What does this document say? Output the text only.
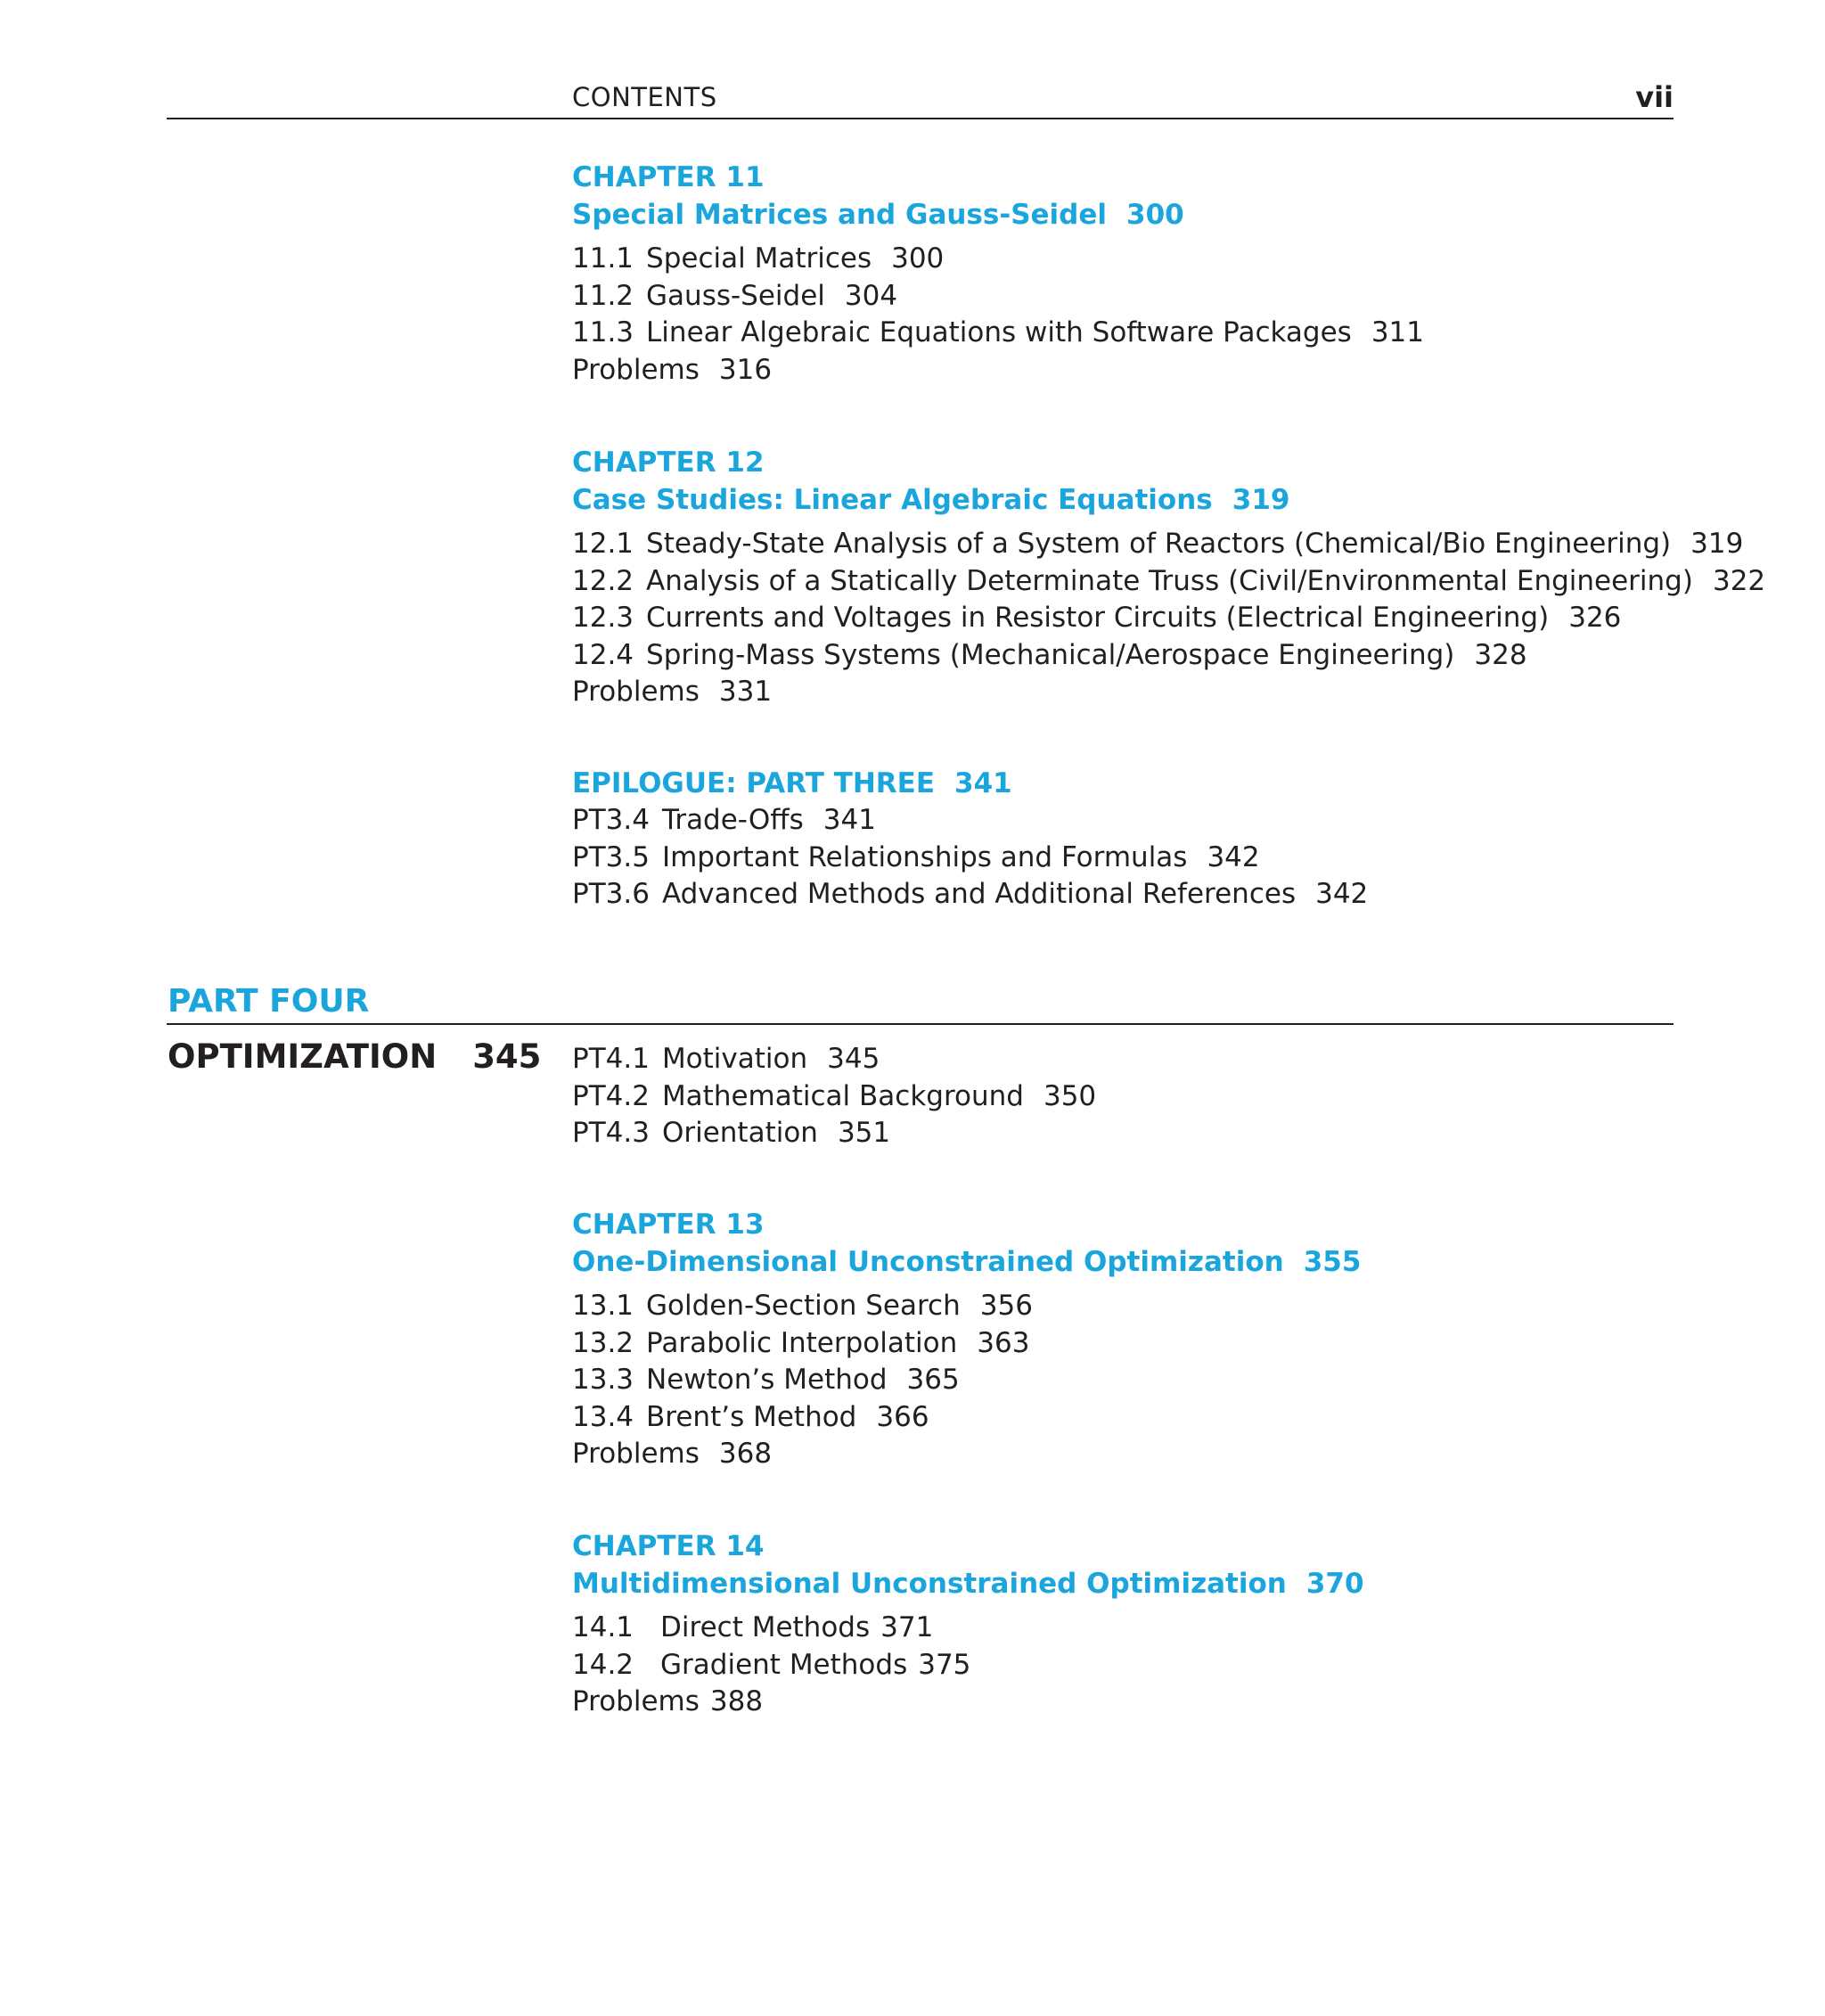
CONTENTS	vii
CHAPTER 11
Special Matrices and Gauss-Seidel 300
11.1 Special Matrices 300
11.2 Gauss-Seidel 304
11.3 Linear Algebraic Equations with Software Packages 311
Problems 316
CHAPTER 12
Case Studies: Linear Algebraic Equations 319
12.1 Steady-State Analysis of a System of Reactors (Chemical/Bio Engineering) 319
12.2 Analysis of a Statically Determinate Truss (Civil/Environmental Engineering) 322
12.3 Currents and Voltages in Resistor Circuits (Electrical Engineering) 326
12.4 Spring-Mass Systems (Mechanical/Aerospace Engineering) 328
Problems 331
EPILOGUE: PART THREE 341
PT3.4 Trade-Offs 341
PT3.5 Important Relationships and Formulas 342
PT3.6 Advanced Methods and Additional References 342
PART FOUR
OPTIMIZATION 345 PT4.1 Motivation 345
PT4.2 Mathematical Background 350
PT4.3 Orientation 351
CHAPTER 13
One-Dimensional Unconstrained Optimization 355
13.1 Golden-Section Search 356
13.2 Parabolic Interpolation 363
13.3 Newton’s Method 365
13.4 Brent’s Method 366
Problems 368
CHAPTER 14
Multidimensional Unconstrained Optimization 370
14.1 Direct Methods 371
14.2 Gradient Methods 375
Problems 388
